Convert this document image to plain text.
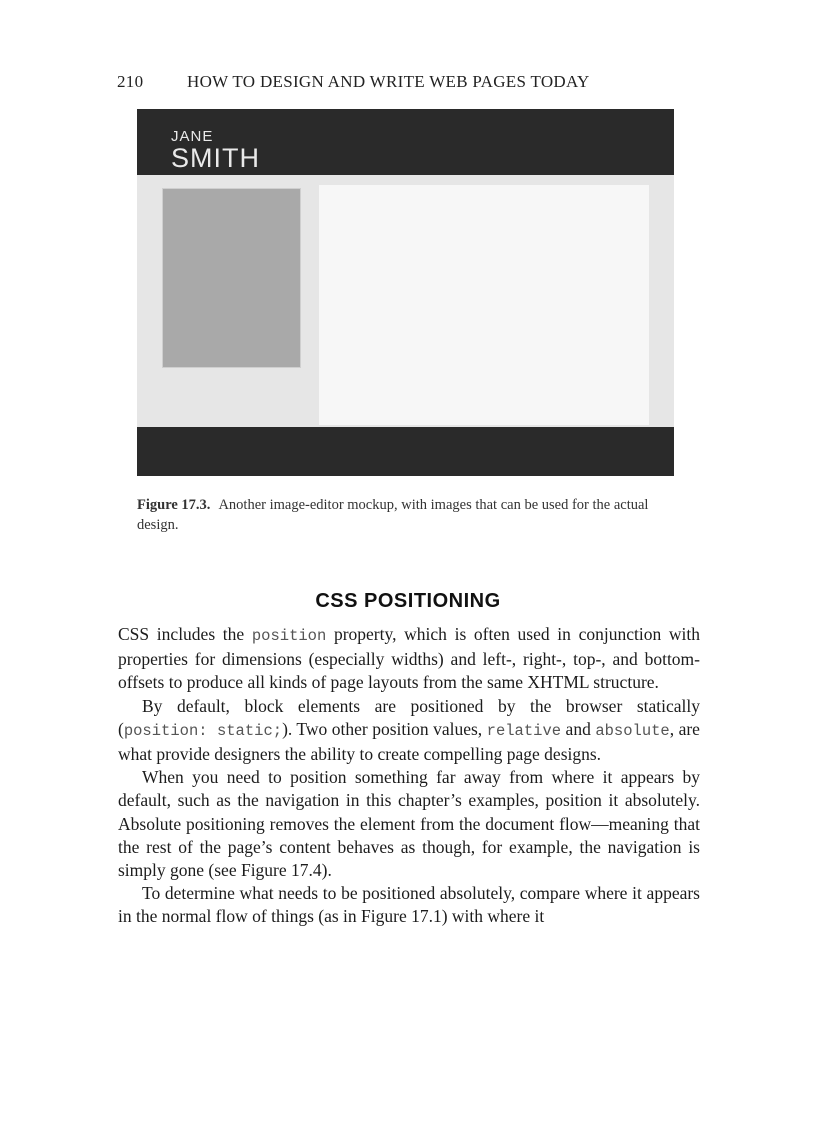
210	HOW TO DESIGN AND WRITE WEB PAGES TODAY
JANE
SMITH
Figure 17.3. Another image-editor mockup, with images that can be used for the actual design.
CSS POSITIONING

CSS includes the position property, which is often used in conjunction with properties for dimensions (especially widths) and left-, right-, top-, and bottom-offsets to produce all kinds of page layouts from the same XHTML structure.

By default, block elements are positioned by the browser statically (position: static;). Two other position values, relative and absolute, are what provide designers the ability to create compelling page designs.

When you need to position something far away from where it appears by default, such as the navigation in this chapter’s examples, position it absolutely. Absolute positioning removes the element from the document flow—meaning that the rest of the page’s content behaves as though, for example, the navigation is simply gone (see Figure 17.4).

To determine what needs to be positioned absolutely, compare where it appears in the normal flow of things (as in Figure 17.1) with where it
